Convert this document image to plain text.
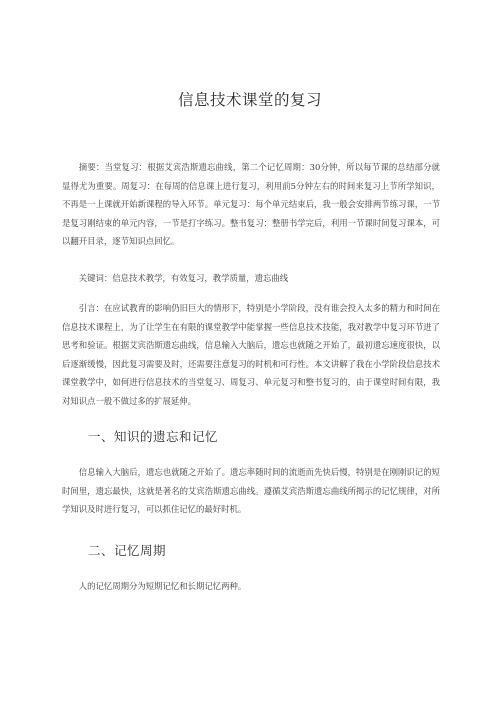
信息技术课堂的复习

摘要：当堂复习：根据艾宾浩斯遗忘曲线，第二个记忆周期：30分钟，所以每节课的总结部分就显得尤为重要。周复习：在每周的信息课上进行复习，利用前5分钟左右的时间来复习上节所学知识，不再是一上课就开始新课程的导入环节。单元复习：每个单元结束后，我一般会安排两节练习课，一节是复习刚结束的单元内容，一节是打字练习。整书复习：整册书学完后，利用一节课时间复习课本，可以翻开目录，逐节知识点回忆。

关键词：信息技术教学，有效复习，教学质量，遗忘曲线

引言：在应试教育的影响仍旧巨大的情形下，特别是小学阶段，没有谁会投入太多的精力和时间在信息技术课程上，为了让学生在有限的课堂教学中能掌握一些信息技术技能，我对教学中复习环节进了思考和验证。根据艾宾浩斯遗忘曲线，信息输入大脑后，遗忘也就随之开始了，最初遗忘速度很快，以后逐渐缓慢，因此复习需要及时，还需要注意复习的时机和可行性。本文讲解了我在小学阶段信息技术课堂教学中，如何进行信息技术的当堂复习、周复习、单元复习和整书复习的，由于课堂时间有限，我对知识点一般不做过多的扩展延伸。

一、知识的遗忘和记忆

信息输入大脑后，遗忘也就随之开始了。遗忘率随时间的流逝而先快后慢，特别是在刚刚识记的短时间里，遗忘最快，这就是著名的艾宾浩斯遗忘曲线。遵循艾宾浩斯遗忘曲线所揭示的记忆规律，对所学知识及时进行复习，可以抓住记忆的最好时机。

二、记忆周期

人的记忆周期分为短期记忆和长期记忆两种。
